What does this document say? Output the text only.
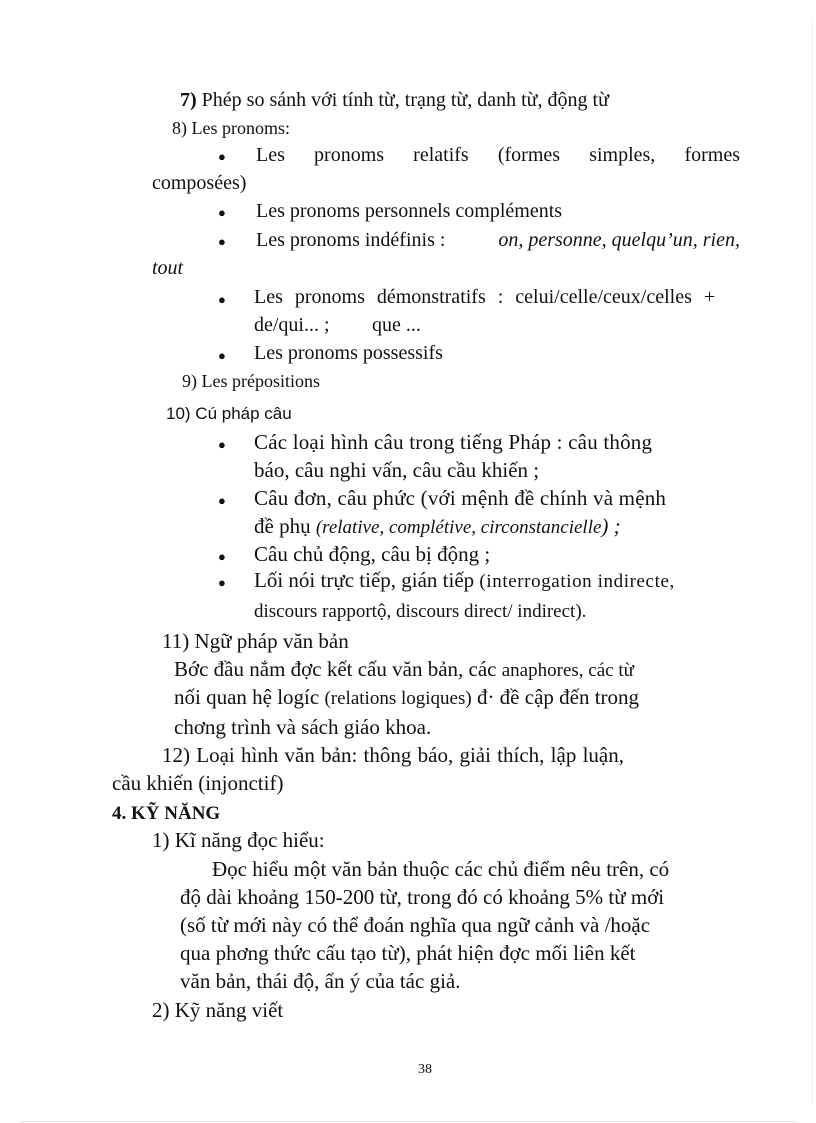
7) Phép so sánh với tính từ, trạng từ, danh từ, động từ
8) Les pronoms:
● Les pronoms relatifs (formes simples, formes
composées)
● Les pronoms personnels compléments
● Les pronoms indéfinis :	on, personne, quelqu’un, rien,
tout
● Les pronoms démonstratifs : celui/celle/ceux/celles +
de/qui... ; que ...
● Les pronoms possessifs
9) Les prépositions
10) Cú pháp câu
● Các loại hình câu trong tiếng Pháp : câu thông
báo, câu nghi vấn, câu cầu khiến ;
● Câu đơn, câu phức (với mệnh đề chính và mệnh
đề phụ (relative, complétive, circonstancielle) ;
● Câu chủ động, câu bị động ;
● Lối nói trực tiếp, gián tiếp (interrogation indirecte,
discours rapportộ, discours direct/ indirect).
11) Ngữ pháp văn bản
Bớc đầu nắm đợc kết cấu văn bản, các anaphores, các từ
nối quan hệ logíc (relations logiques) đ· đề cập đến trong
chơng trình và sách giáo khoa.
12) Loại hình văn bản: thông báo, giải thích, lập luận,
cầu khiến (injonctif)
4. KỸ NĂNG
1) Kĩ năng đọc hiểu:
Đọc hiểu một văn bản thuộc các chủ điểm nêu trên, có
độ dài khoảng 150-200 từ, trong đó có khoảng 5% từ mới
(số từ mới này có thể đoán nghĩa qua ngữ cảnh và /hoặc
qua phơng thức cấu tạo từ), phát hiện đợc mối liên kết
văn bản, thái độ, ẩn ý của tác giả.
2) Kỹ năng viết
38
